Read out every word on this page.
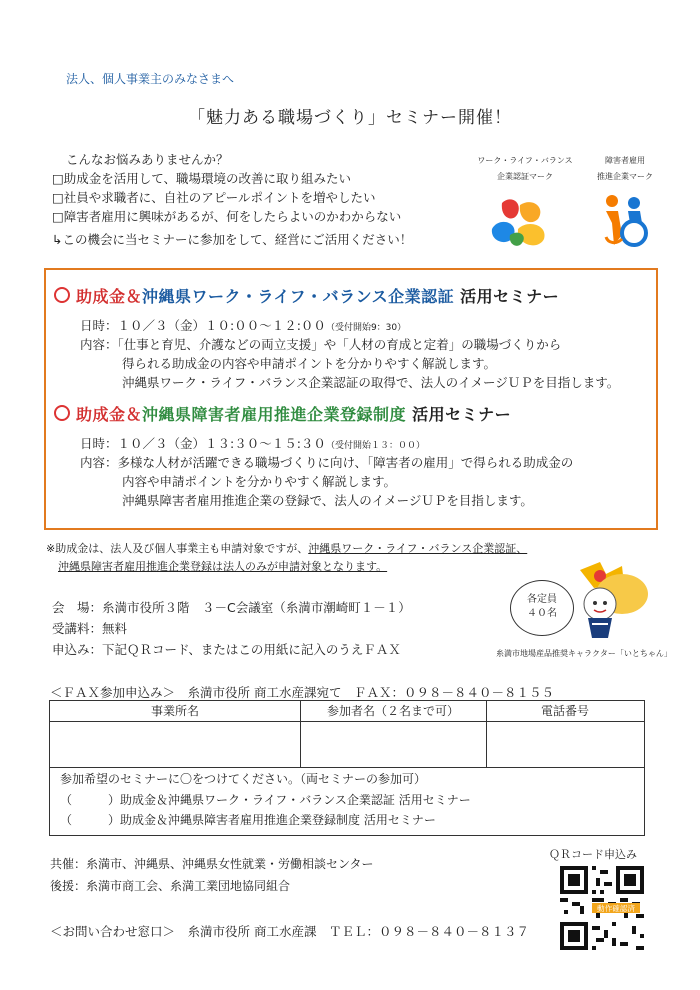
法人、個人事業主のみなさまへ
「魅力ある職場づくり」セミナー開催！
こんなお悩みありませんか？
□助成金を活用して、職場環境の改善に取り組みたい
□社員や求職者に、自社のアピールポイントを増やしたい
□障害者雇用に興味があるが、何をしたらよいのかわからない
↳この機会に当セミナーに参加をして、経営にご活用ください！
ワーク・ライフ・バランス
企業認証マーク
障害者雇用
推進企業マーク
助成金＆沖縄県ワーク・ライフ・バランス企業認証 活用セミナー
日時：１０／３（金）１０:００～１２:００（受付開始9：30）
内容：「仕事と育児、介護などの両立支援」や「人材の育成と定着」の職場づくりから
得られる助成金の内容や申請ポイントを分かりやすく解説します。
沖縄県ワーク・ライフ・バランス企業認証の取得で、法人のイメージＵＰを目指します。
助成金＆沖縄県障害者雇用推進企業登録制度 活用セミナー
日時：１０／３（金）１３:３０～１５:３０（受付開始１３：００）
内容：多様な人材が活躍できる職場づくりに向け、「障害者の雇用」で得られる助成金の
内容や申請ポイントを分かりやすく解説します。
沖縄県障害者雇用推進企業の登録で、法人のイメージＵＰを目指します。
※助成金は、法人及び個人事業主も申請対象ですが、沖縄県ワーク・ライフ・バランス企業認証、
沖縄県障害者雇用推進企業登録は法人のみが申請対象となります。
会　場：糸満市役所３階　３－C会議室（糸満市潮崎町１－１）
受講料：無料
申込み：下記ＱＲコード、またはこの用紙に記入のうえＦＡＸ
各定員
４０名
糸満市地場産品推奨キャラクター「いとちゃん」
＜ＦＡＸ参加申込み＞　糸満市役所 商工水産課宛て　ＦＡＸ：０９８－８４０－８１５５
事業所名	参加者名（２名まで可）	電話番号
参加希望のセミナーに〇をつけてください。（両セミナーの参加可）
（　　　）助成金＆沖縄県ワーク・ライフ・バランス企業認証 活用セミナー
（　　　）助成金＆沖縄県障害者雇用推進企業登録制度 活用セミナー
ＱＲコード申込み
動作確認済
共催：糸満市、沖縄県、沖縄県女性就業・労働相談センター
後援：糸満市商工会、糸満工業団地協同組合
＜お問い合わせ窓口＞　糸満市役所 商工水産課　ＴＥＬ：０９８－８４０－８１３７
